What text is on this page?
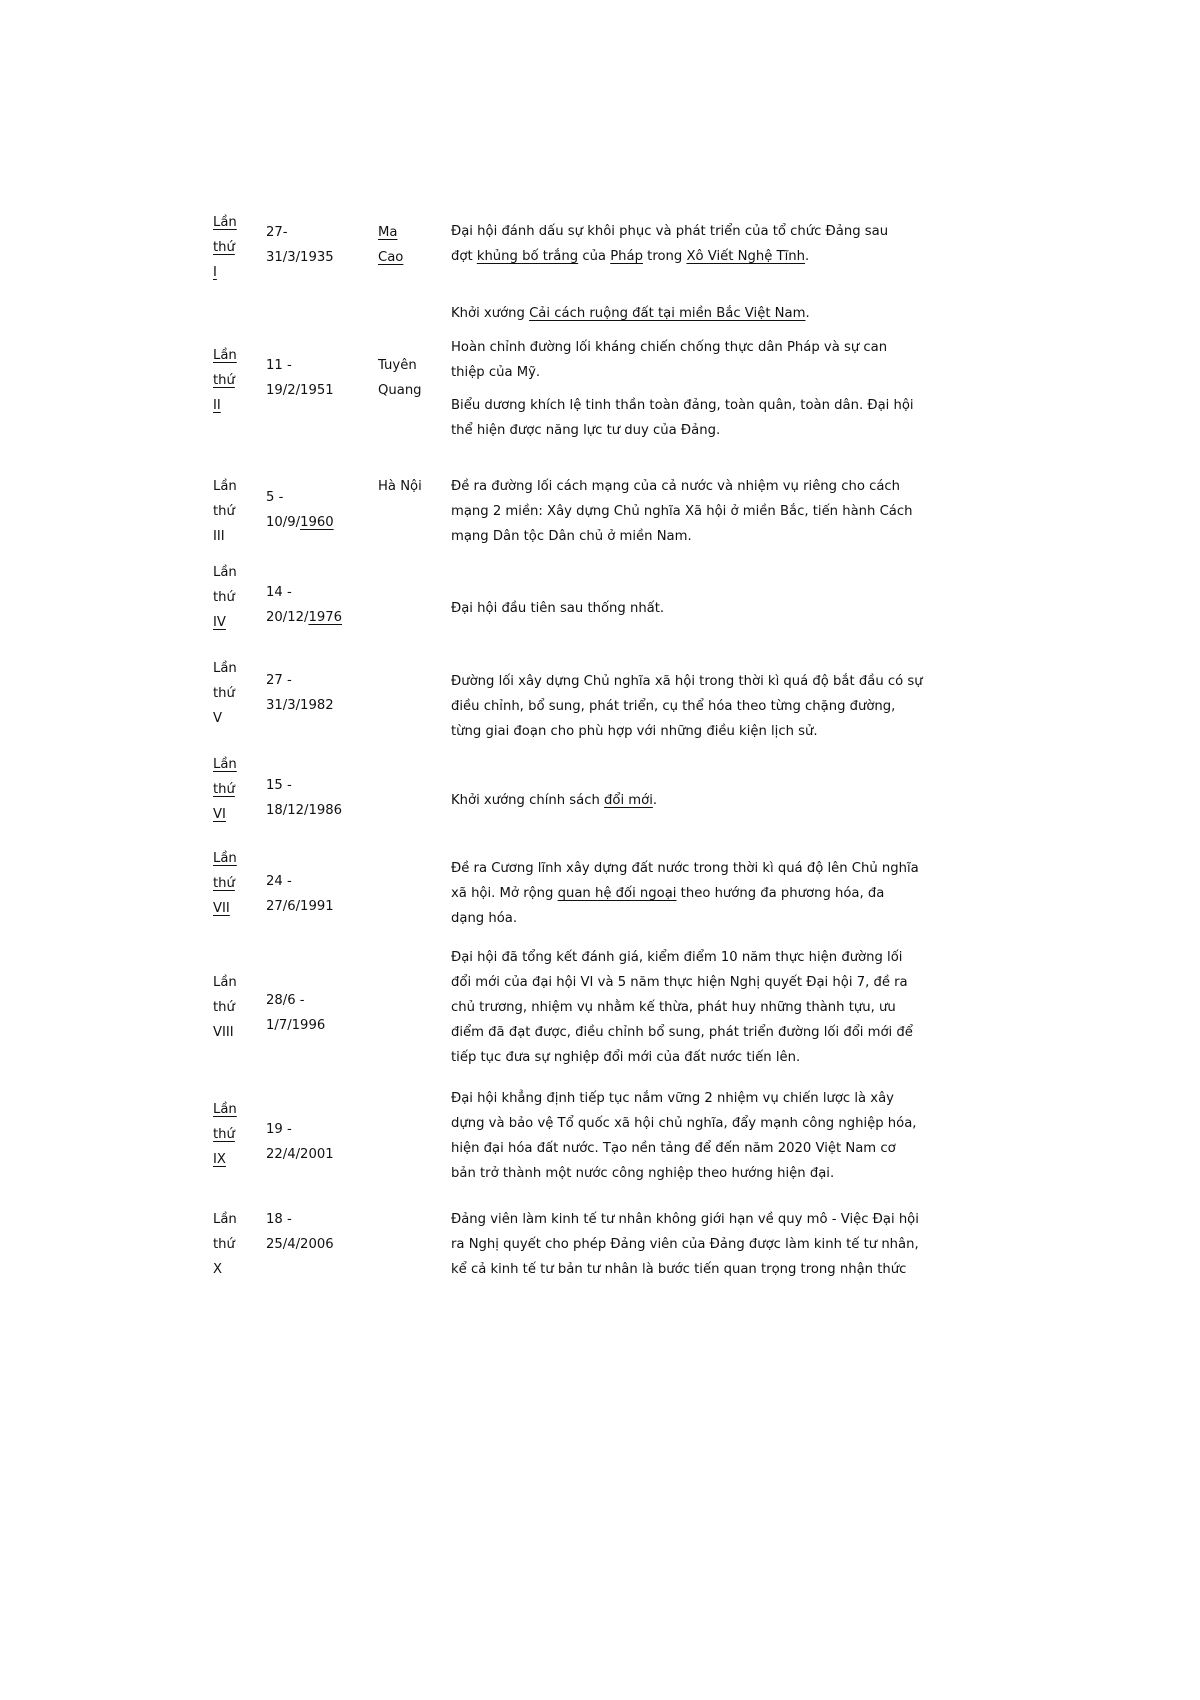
Lần
thứ
I
27-
31/3/1935
Ma
Cao
Đại hội đánh dấu sự khôi phục và phát triển của tổ chức Đảng sau
đợt khủng bố trắng của Pháp trong Xô Viết Nghệ Tĩnh.
Lần
thứ
II
11 -
19/2/1951
Tuyên
Quang
Khởi xướng Cải cách ruộng đất tại miền Bắc Việt Nam.
Hoàn chỉnh đường lối kháng chiến chống thực dân Pháp và sự can
thiệp của Mỹ.
Biểu dương khích lệ tinh thần toàn đảng, toàn quân, toàn dân. Đại hội
thể hiện được năng lực tư duy của Đảng.
Lần
thứ
III
5 -
10/9/1960
Hà Nội	Đề ra đường lối cách mạng của cả nước và nhiệm vụ riêng cho cách
mạng 2 miền: Xây dựng Chủ nghĩa Xã hội ở miền Bắc, tiến hành Cách
mạng Dân tộc Dân chủ ở miền Nam.
Lần
thứ
IV
14 -
20/12/1976
Đại hội đầu tiên sau thống nhất.
Lần
thứ
V
27 -
31/3/1982
Đường lối xây dựng Chủ nghĩa xã hội trong thời kì quá độ bắt đầu có sự
điều chỉnh, bổ sung, phát triển, cụ thể hóa theo từng chặng đường,
từng giai đoạn cho phù hợp với những điều kiện lịch sử.
Lần
thứ
VI
15 -
18/12/1986
Khởi xướng chính sách đổi mới.
Lần
thứ
VII
24 -
27/6/1991
Đề ra Cương lĩnh xây dựng đất nước trong thời kì quá độ lên Chủ nghĩa
xã hội. Mở rộng quan hệ đối ngoại theo hướng đa phương hóa, đa
dạng hóa.
Lần
thứ
VIII
28/6 -
1/7/1996
Đại hội đã tổng kết đánh giá, kiểm điểm 10 năm thực hiện đường lối
đổi mới của đại hội VI và 5 năm thực hiện Nghị quyết Đại hội 7, đề ra
chủ trương, nhiệm vụ nhằm kế thừa, phát huy những thành tựu, ưu
điểm đã đạt được, điều chỉnh bổ sung, phát triển đường lối đổi mới để
tiếp tục đưa sự nghiệp đổi mới của đất nước tiến lên.
Lần
thứ
IX
19 -
22/4/2001
Đại hội khẳng định tiếp tục nắm vững 2 nhiệm vụ chiến lược là xây
dựng và bảo vệ Tổ quốc xã hội chủ nghĩa, đẩy mạnh công nghiệp hóa,
hiện đại hóa đất nước. Tạo nền tảng để đến năm 2020 Việt Nam cơ
bản trở thành một nước công nghiệp theo hướng hiện đại.
Lần
thứ
X
18 -
25/4/2006
Đảng viên làm kinh tế tư nhân không giới hạn về quy mô - Việc Đại hội
ra Nghị quyết cho phép Đảng viên của Đảng được làm kinh tế tư nhân,
kể cả kinh tế tư bản tư nhân là bước tiến quan trọng trong nhận thức
